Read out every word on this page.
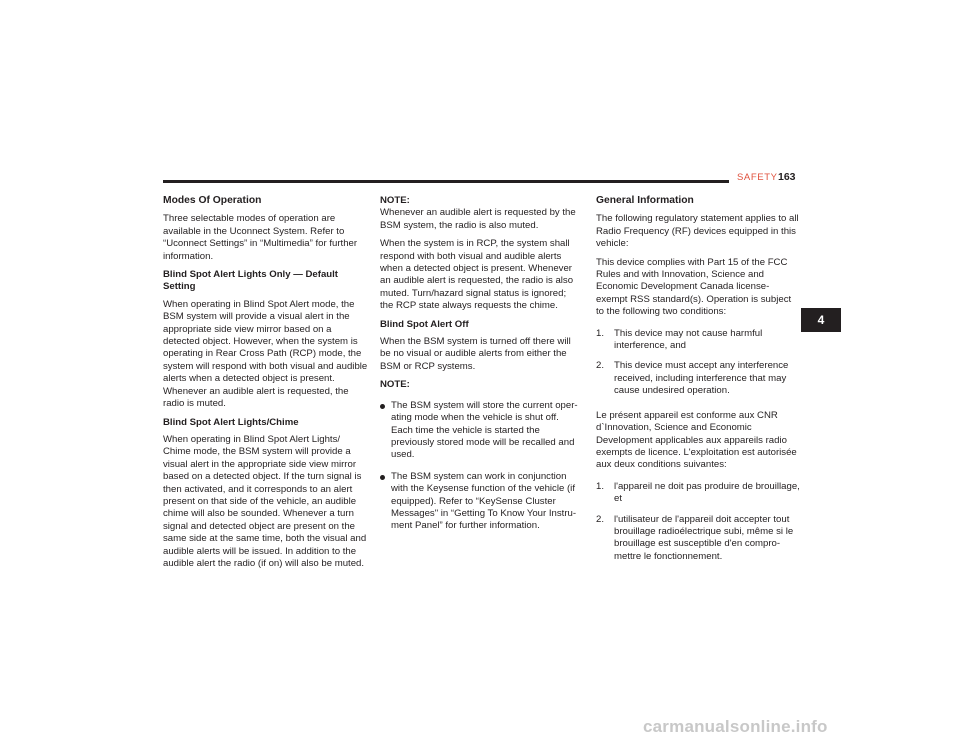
SAFETY 163
Modes Of Operation

Three selectable modes of operation are available in the Uconnect System. Refer to “Uconnect Settings” in “Multimedia” for further information.

Blind Spot Alert Lights Only — Default Setting

When operating in Blind Spot Alert mode, the BSM system will provide a visual alert in the appropriate side view mirror based on a detected object. However, when the system is operating in Rear Cross Path (RCP) mode, the system will respond with both visual and audible alerts when a detected object is present. Whenever an audible alert is requested, the radio is muted.

Blind Spot Alert Lights/Chime

When operating in Blind Spot Alert Lights/ Chime mode, the BSM system will provide a visual alert in the appropriate side view mirror based on a detected object. If the turn signal is then activated, and it corresponds to an alert present on that side of the vehicle, an audible chime will also be sounded. Whenever a turn signal and detected object are present on the same side at the same time, both the visual and audible alerts will be issued. In addition to the audible alert the radio (if on) will also be muted.

NOTE:

Whenever an audible alert is requested by the BSM system, the radio is also muted.

When the system is in RCP, the system shall respond with both visual and audible alerts when a detected object is present. Whenever an audible alert is requested, the radio is also muted. Turn/hazard signal status is ignored; the RCP state always requests the chime.

Blind Spot Alert Off

When the BSM system is turned off there will be no visual or audible alerts from either the BSM or RCP systems.

NOTE:
The BSM system will store the current oper- ating mode when the vehicle is shut off. Each time the vehicle is started the previously stored mode will be recalled and used.
The BSM system can work in conjunction with the Keysense function of the vehicle (if equipped). Refer to “KeySense Cluster Messages" in “Getting To Know Your Instru- ment Panel” for further information.
General Information

The following regulatory statement applies to all Radio Frequency (RF) devices equipped in this vehicle:

This device complies with Part 15 of the FCC Rules and with Innovation, Science and Economic Development Canada license-exempt RSS standard(s). Operation is subject to the following two conditions:

1. This device may not cause harmful interference, and
2. This device must accept any interference received, including interference that may cause undesired operation.

Le présent appareil est conforme aux CNR d`Innovation, Science and Economic Development applicables aux appareils radio exempts de licence. L'exploitation est autorisée aux deux conditions suivantes:

1. l'appareil ne doit pas produire de brouillage, et
2. l'utilisateur de l'appareil doit accepter tout brouillage radioélectrique subi, même si le brouillage est susceptible d'en compro- mettre le fonctionnement.
4
carmanualsonline.info
